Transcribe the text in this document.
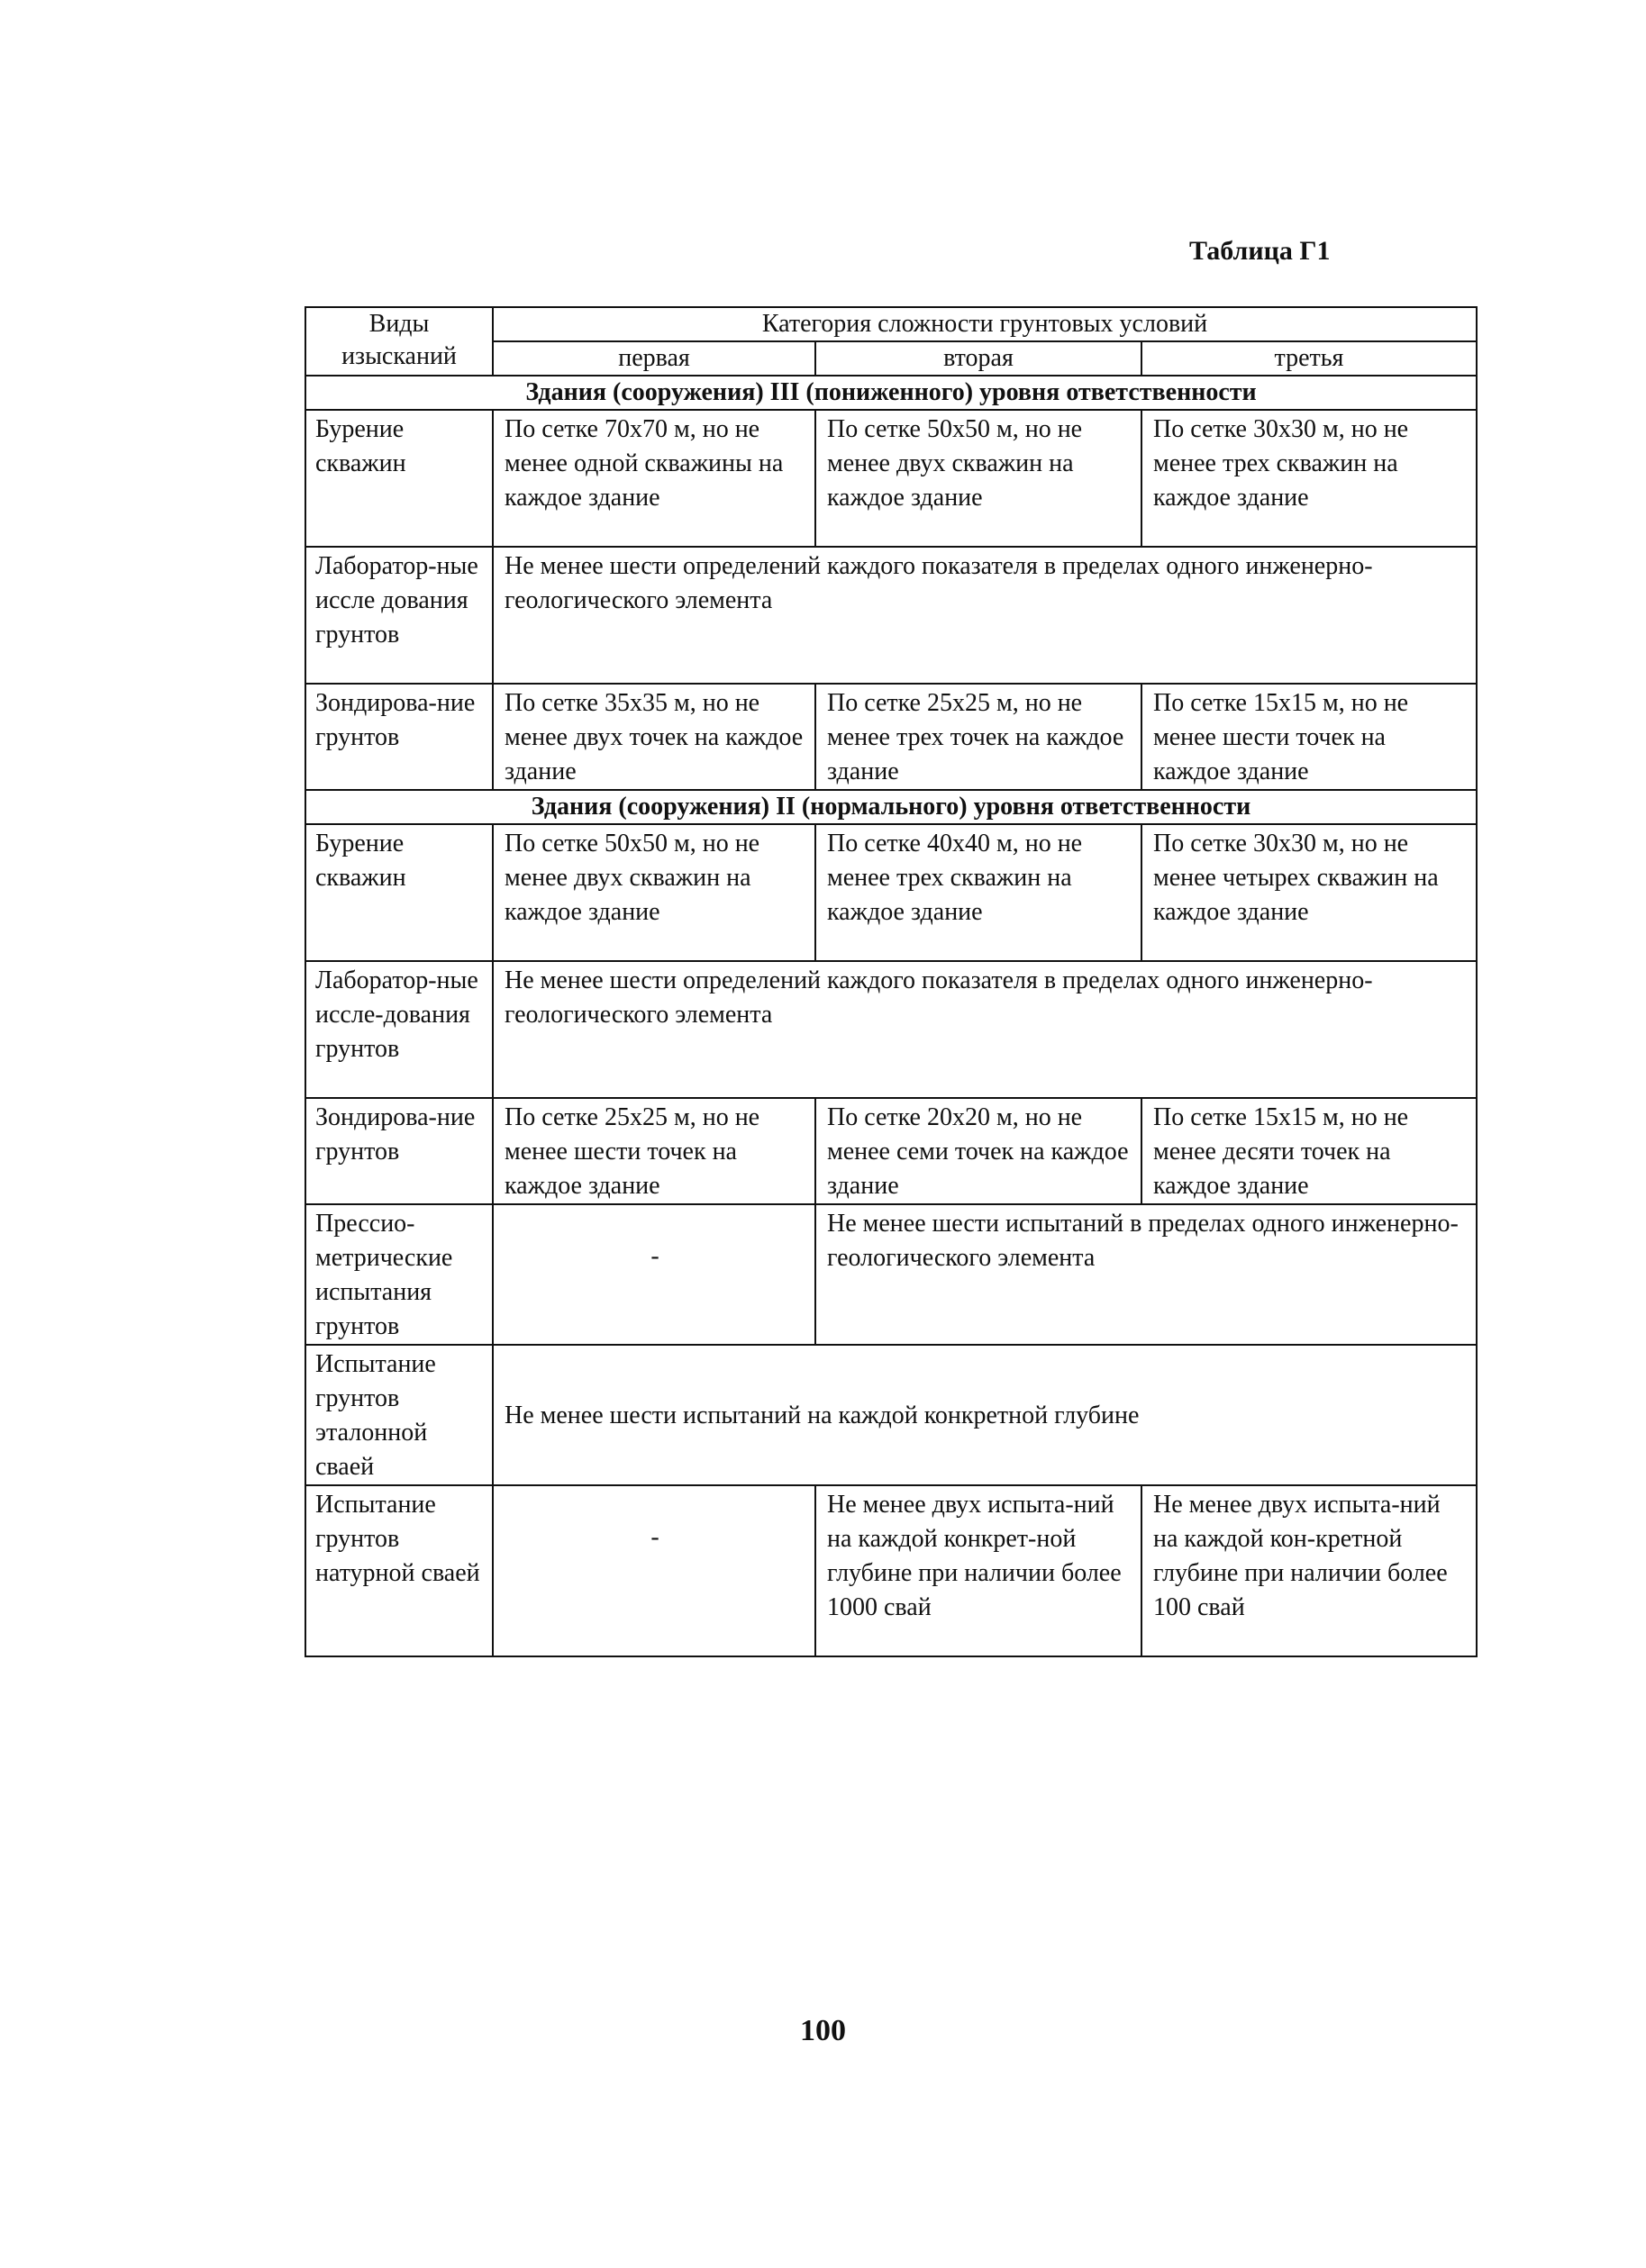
Таблица Г1
Виды изысканий	Категория сложности грунтовых условий		
	первая	вторая	третья
Здания (сооружения) III (пониженного) уровня ответственности			
Бурение скважин	По сетке 70х70 м, но не менее одной скважины на каждое здание	По сетке 50х50 м, но не менее двух скважин на каждое здание	По сетке 30х30 м, но не менее трех скважин на каждое здание
Лаборатор-ные иссле дования грунтов	Не менее шести определений каждого показателя в пределах одного инженерно-геологического элемента		
Зондирова-ние грунтов	По сетке 35х35 м, но не менее двух точек на каждое здание	По сетке 25х25 м, но не менее трех точек на каждое здание	По сетке 15х15 м, но не менее шести точек на каждое здание
Здания (сооружения) II (нормального) уровня ответственности			
Бурение скважин	По сетке 50х50 м, но не менее двух скважин на каждое здание	По сетке 40х40 м, но не менее трех скважин на каждое здание	По сетке 30х30 м, но не менее четырех скважин на каждое здание
Лаборатор-ные иссле-дования грунтов	Не менее шести определений каждого показателя в пределах одного инженерно-геологического элемента		
Зондирова-ние грунтов	По сетке 25х25 м, но не менее шести точек на каждое здание	По сетке 20х20 м, но не менее семи точек на каждое здание	По сетке 15х15 м, но не менее десяти точек на каждое здание
Прессио-метрические испытания грунтов	-	Не менее шести испытаний в пределах одного инженерно-геологического элемента	
Испытание грунтов эталонной сваей	Не менее шести испытаний на каждой конкретной глубине		
Испытание грунтов натурной сваей	-	Не менее двух испыта-ний на каждой конкрет-ной глубине при наличии более 1000 свай	Не менее двух испыта-ний на каждой кон-кретной глубине при наличии более 100 свай
100
